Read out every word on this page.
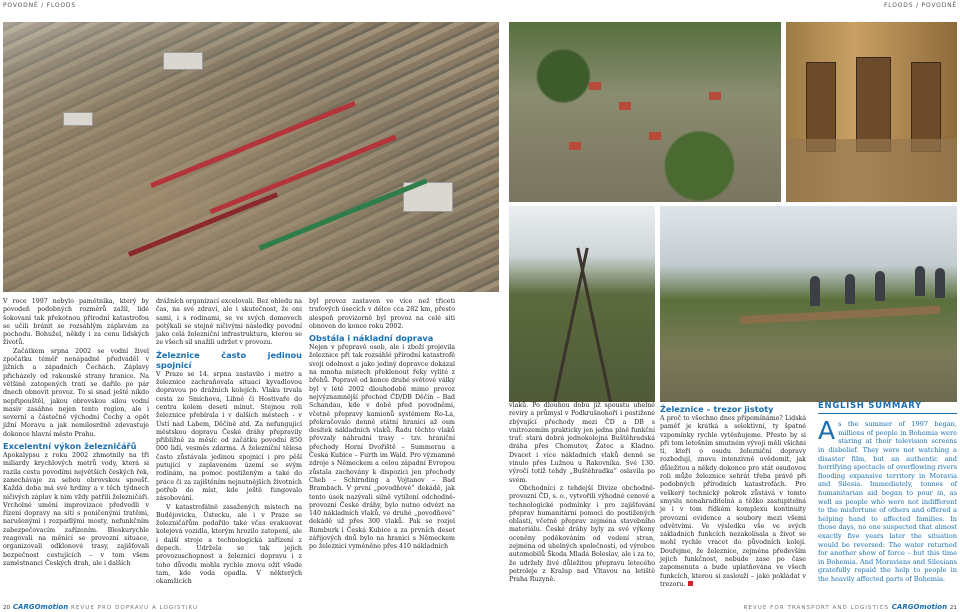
POVODNĚ / FLOODS	FLOODS / POVODNĚ

V roce 1997 nebylo pamětníka, který by povodeň podobných rozměrů zažil, lidé šokovaní tak překotnou přírodní katastrofou se učili bránit se rozsáhlým záplavám za pochodu. Bohužel, někdy i za cenu lidských životů.

Začátkem srpna 2002 se vodní živel zpočátku téměř nenápadně předváděl v jižních a západních Čechách. Záplavy přicházely od rakouské strany hranice. Na většině zatopených tratí se dařilo po pár dnech obnovit provoz. To si snad ještě nikdo nepřipouštěl, jakou obrovskou silou vodní masiv zasáhne nejen tento region, ale i severní a částečně východní Čechy a opět jižní Moravu a jak nemilosrdně zdevastuje dokonce hlavní město Prahu.

Excelentní výkon železničářů

Apokalypsu z roku 2002 zhmotnily na tři miliardy krychlových metrů vody, která si razila cestu povodími největších českých řek, zanechávaje za sebou obrovskou spoušť. Každá doba má své hrdiny a v těch týdnech ničivých záplav k nim vždy patřili železničáři. Vrcholné umění improvizace předvedli v řízení dopravy na sítí s poničenými tratěmi, narušenými i rozpadlými mosty, nefunkčním zabezpečovacím zařízením. Bleskurychle reagovali na měnící se provozní situace, organizovali odklonové trasy, zajišťovali bezpečnost cestujících – v tom všem zaměstnanci Českých drah, ale i dalších

drážních organizací excelovali. Bez ohledu na čas, na své zdraví, ale i skutečnost, že oni sami, i s rodinami, se ve svých domovech potýkali se stejně ničivými následky povodní jako celá železniční infrastruktura, kterou se ze všech sil snažili udržet v provozu.

Železnice často jedinou spojnicí

V Praze se 14. srpna zastavilo i metro a železnice zachraňovala situaci kyvadlovou dopravou po drážních kolejích. Vlaku trvala cesta ze Smíchova, Libně či Hostivaře do centra kolem deseti minut. Stejnou roli železnice přebírala i v dalších městech - v Ústí nad Labem, Děčíně atd. Za nefungující městskou dopravu České dráhy přepravily přibližně za měsíc od začátku povodní 850 000 lidí, vesměs zdarma. A železniční tělesa často zůstávala jedinou spojnicí i pro pěší putující v zaplaveném území se svým rodinám, na pomoc postiženým a také do práce či za zajištěním nejnutnějších životních potřeb do míst, kde ještě fungovalo zásobování.

V katastrofálně zasažených místech na Budějovicku, Ústecku, ale i v Praze se železničářům podařilo také včas evakuovat kolejová vozidla, kterým hrozilo zatopení, ale i další stroje a technologická zařízení z depech. Udržela se tak jejich provozuschopnost a železnici dopravu i z toho důvodu mohla rychle znovu ožít všude tam, kde voda opadla. V některých okamžicích

byl provoz zastaven ve více než třiceti traťových úsecích v délce cca 282 km, přesto alespoň provizorně byl provoz na celé síti obnoven do konce roku 2002.

Obstála i nákladní doprava

Nejen v přepravě osob, ale i zboží projevila železnice při tak rozsáhlé přírodní katastrofě svoji odolnost a jako jediný dopravce dokázal na mnoha místech překlenout řeky vylité z břehů. Popravě od konce druhé světové války byl v létě 2002 dlouhodobě mimo provoz nejvýznamnější přechod ČD/DB Děčín – Bad Schandau, kde v době před povodněmi, včetně přepravy kamionů systémem Ro-La, překračovalo denně státní hranici až osm desítek nákladních vlaků. Řadu těchto vlaků převzaly náhradní trasy – tzv. hraniční přechody Horní Dvořiště – Summerau a Česká Kubice – Furth im Wald. Pro významné zdroje s Německem a celou západní Evropou zůstala zachovány k dispozici jen přechody Cheb – Schirnding a Vojtanov – Bad Brambach. V první „povodňové“ dekádě, jak tento úsek nazývali silně vytížení odchodně-provozní České dráhy, bylo nutno odvézt na 140 nákladních vlaků, ve druhé „povodňové“ dekádě už přes 300 vlaků. Pak se rozjel Rumburk i Česká Kubice a za prvních deset zářijových dnů bylo na hranici s Německem po železnici vyměněno přes 410 nákladních

vlaků. Po dlouhou dobu již spoustu uhelné reviry a průmysl v Podkrušnohoří i postižené zbývající přechody mezi ČD a DB s vnitrozemím prakticky jen jedna plně funkční trať: stará dobrá jednokolejná Buštěhradská dráha přes Chomutov, Žatec a Kladno. Dvacet i více nákladních vlaků denně se vinulo přes Lužnou u Rakovníka. Své 130. výročí totiž tehdy „Buštěhradka“ oslavila po svém.

Obchodníci z tehdejší Divize obchodně-provozní ČD, s. o., vytvořili výhodné cenové a technologické podmínky i pro zajišťování přeprav humanitární pomoci do postižených oblastí, včetně přeprav zejména stavebního materiálu. České dráhy byly za své výkony oceněny poděkováním od vedení stran, zejména od uhelných společností, od výrobce automobilů Škoda Mladá Boleslav, ale i za to, že udržely živé důležitou přepravu letecého petroleje z Kralup nad Vltavou na letiště Praha Ruzyně.

Železnice – trezor jistoty

A proč to všechno dnes připomínáme? Lidská paměť je krátká a selektivní, ty špatné vzpomínky rychle vytěsňujeme. Přesto by si při tom letošním smutném vývoji měli všichni ti, kteří o osudu železniční dopravy rozhodují, znovu intenzivně uvědomit, jak důležitou a někdy dokonce pro stát osudovou roli může železnice sehrát třeba právě při podobných přírodních katastrofách. Pro veškerý technický pokrok zůstává v tomto smyslu nenahraditelná a těžko zastupitelná je i v tom řídkém komplexu kontinuity provozní evidence a soubory mezi všemi odvětvími. Ve výsledku vše ve svých základních funkcích nezakolísala a život se mohl rychle vracet do původních kolejí. Doufejme, že železnice, zejména především jejich funkčnost, nebude zase po čase zapomenuta a bude uplatňována ve všech funkcích, kterou si zaslouží – jako pokládat v trezoru.

ENGLISH SUMMARY
A s the summer of 1997 began, millions of people in Bohemia were staring at their television screens in disbelief. They were not watching a disaster film, but an authentic and horrifying spectacle of overflowing rivers flooding expansive territory in Moravia and Silesia. Immediately, tonnes of humanitarian aid began to pour in, as well as people who were not indifferent to the misfortune of others and offered a helping hand to affected families. In those days, no one suspected that almost exactly five years later the situation would be reversed: The water returned for another show of force – but this time in Bohemia. And Moravians and Silesians gratefully repaid the help to people in the heavily affected parts of Bohemia.
20 CARGOmotion REVUE PRO DOPRAVU A LOGISTIKU	REVUE FOR TRANSPORT AND LOGISTICS CARGOmotion 21
